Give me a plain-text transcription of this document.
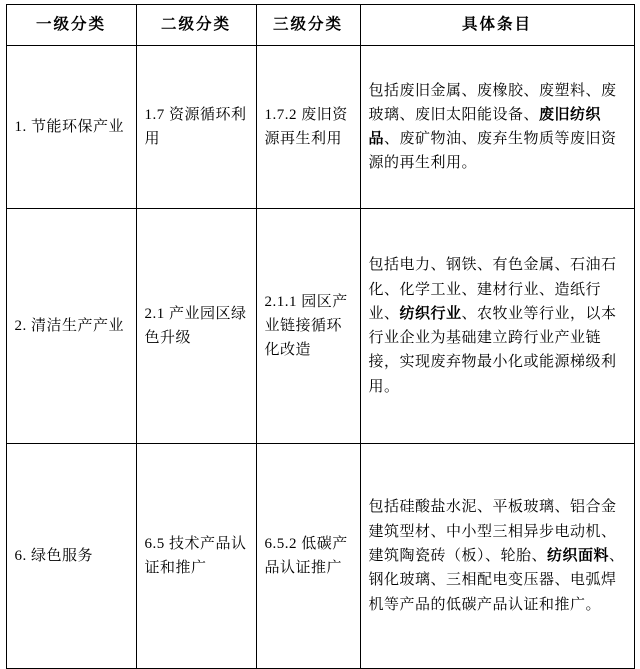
一级分类	二级分类	三级分类	具体条目
1. 节能环保产业	1.7 资源循环利用	1.7.2 废旧资源再生利用	包括废旧金属、废橡胶、废塑料、废玻璃、废旧太阳能设备、废旧纺织品、废矿物油、废弃生物质等废旧资源的再生利用。
2. 清洁生产产业	2.1 产业园区绿色升级	2.1.1 园区产业链接循环化改造	包括电力、钢铁、有色金属、石油石化、化学工业、建材行业、造纸行业、纺织行业、农牧业等行业，以本行业企业为基础建立跨行业产业链接，实现废弃物最小化或能源梯级利用。
6. 绿色服务	6.5 技术产品认证和推广	6.5.2 低碳产品认证推广	包括硅酸盐水泥、平板玻璃、铝合金建筑型材、中小型三相异步电动机、建筑陶瓷砖（板）、轮胎、纺织面料、钢化玻璃、三相配电变压器、电弧焊机等产品的低碳产品认证和推广。
